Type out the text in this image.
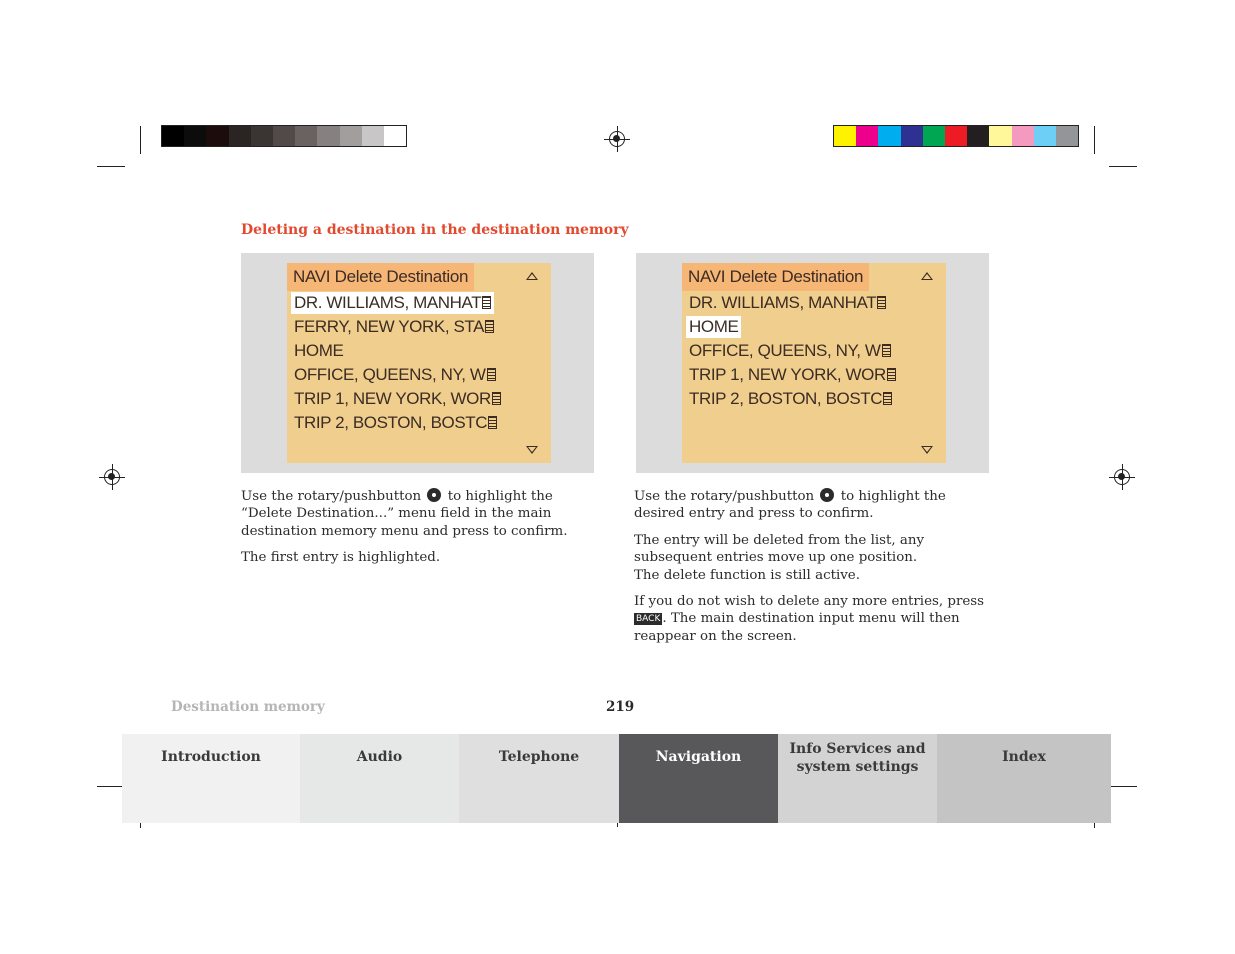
Deleting a destination in the destination memory
NAVI Delete Destination
DR. WILLIAMS, MANHAT
FERRY, NEW YORK, STA
HOME
OFFICE, QUEENS, NY, W
TRIP 1, NEW YORK, WOR
TRIP 2, BOSTON, BOSTC
NAVI Delete Destination
DR. WILLIAMS, MANHAT
HOME
OFFICE, QUEENS, NY, W
TRIP 1, NEW YORK, WOR
TRIP 2, BOSTON, BOSTC

Use the rotary/pushbutton to highlight the “Delete Destination...” menu field in the main destination memory menu and press to confirm.

The first entry is highlighted.

Use the rotary/pushbutton to highlight the desired entry and press to confirm.

The entry will be deleted from the list, any subsequent entries move up one position.
The delete function is still active.

If you do not wish to delete any more entries, press
BACK . The main destination input menu will then reappear on the screen.

Destination memory	219
Introduction	Audio	Telephone	Navigation	Info Services and
system settings
Index
